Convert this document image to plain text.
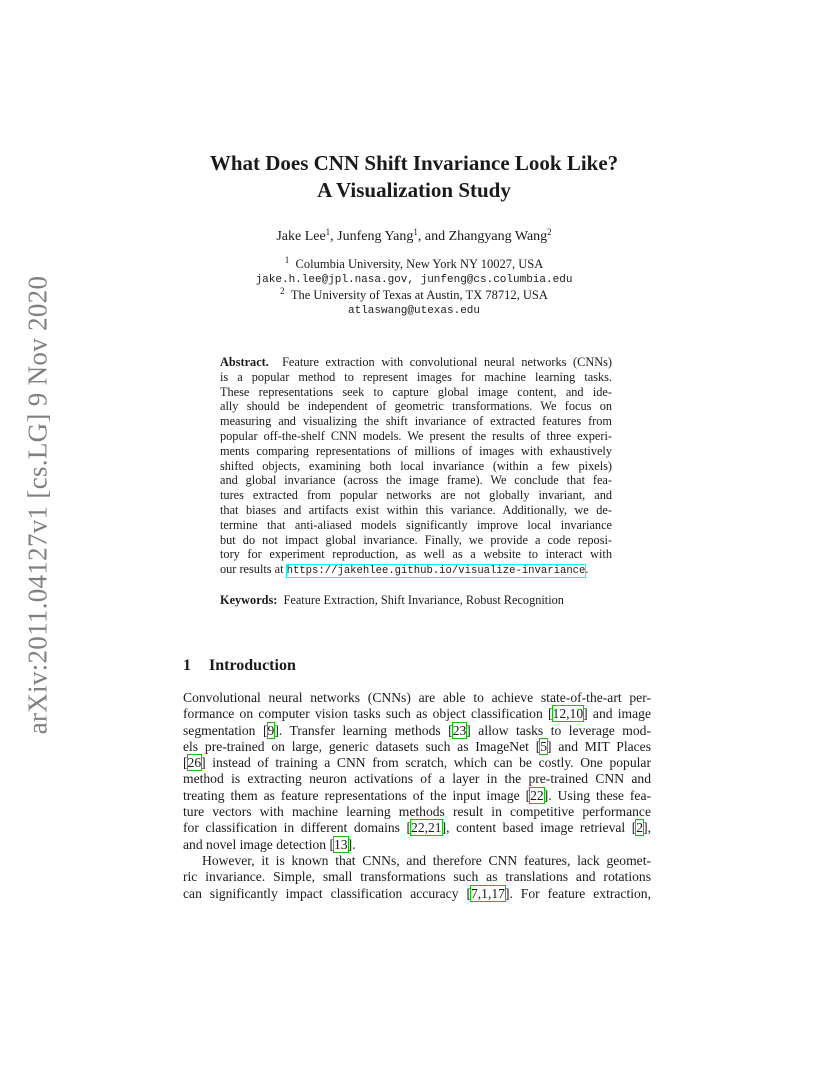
arXiv:2011.04127v1 [cs.LG] 9 Nov 2020
What Does CNN Shift Invariance Look Like?
A Visualization Study
Jake Lee$^1$, Junfeng Yang$^1$, and Zhangyang Wang$^2$
$^1$ Columbia University, New York NY 10027, USA
jake.h.lee@jpl.nasa.gov, junfeng@cs.columbia.edu
$^2$ The University of Texas at Austin, TX 78712, USA
atlaswang@utexas.edu
Abstract. Feature extraction with convolutional neural networks (CNNs)
is a popular method to represent images for machine learning tasks.
These representations seek to capture global image content, and ide-
ally should be independent of geometric transformations. We focus on
measuring and visualizing the shift invariance of extracted features from
popular off-the-shelf CNN models. We present the results of three experi-
ments comparing representations of millions of images with exhaustively
shifted objects, examining both local invariance (within a few pixels)
and global invariance (across the image frame). We conclude that fea-
tures extracted from popular networks are not globally invariant, and
that biases and artifacts exist within this variance. Additionally, we de-
termine that anti-aliased models significantly improve local invariance
but do not impact global invariance. Finally, we provide a code reposi-
tory for experiment reproduction, as well as a website to interact with
our results at https://jakehlee.github.io/visualize-invariance.
Keywords: Feature Extraction, Shift Invariance, Robust Recognition
1 Introduction
Convolutional neural networks (CNNs) are able to achieve state-of-the-art per-
formance on computer vision tasks such as object classification [12,10] and image
segmentation [9]. Transfer learning methods [23] allow tasks to leverage mod-
els pre-trained on large, generic datasets such as ImageNet [5] and MIT Places
[26] instead of training a CNN from scratch, which can be costly. One popular
method is extracting neuron activations of a layer in the pre-trained CNN and
treating them as feature representations of the input image [22]. Using these fea-
ture vectors with machine learning methods result in competitive performance
for classification in different domains [22,21], content based image retrieval [2],
and novel image detection [13].
However, it is known that CNNs, and therefore CNN features, lack geomet-
ric invariance. Simple, small transformations such as translations and rotations
can significantly impact classification accuracy [7,1,17]. For feature extraction,
